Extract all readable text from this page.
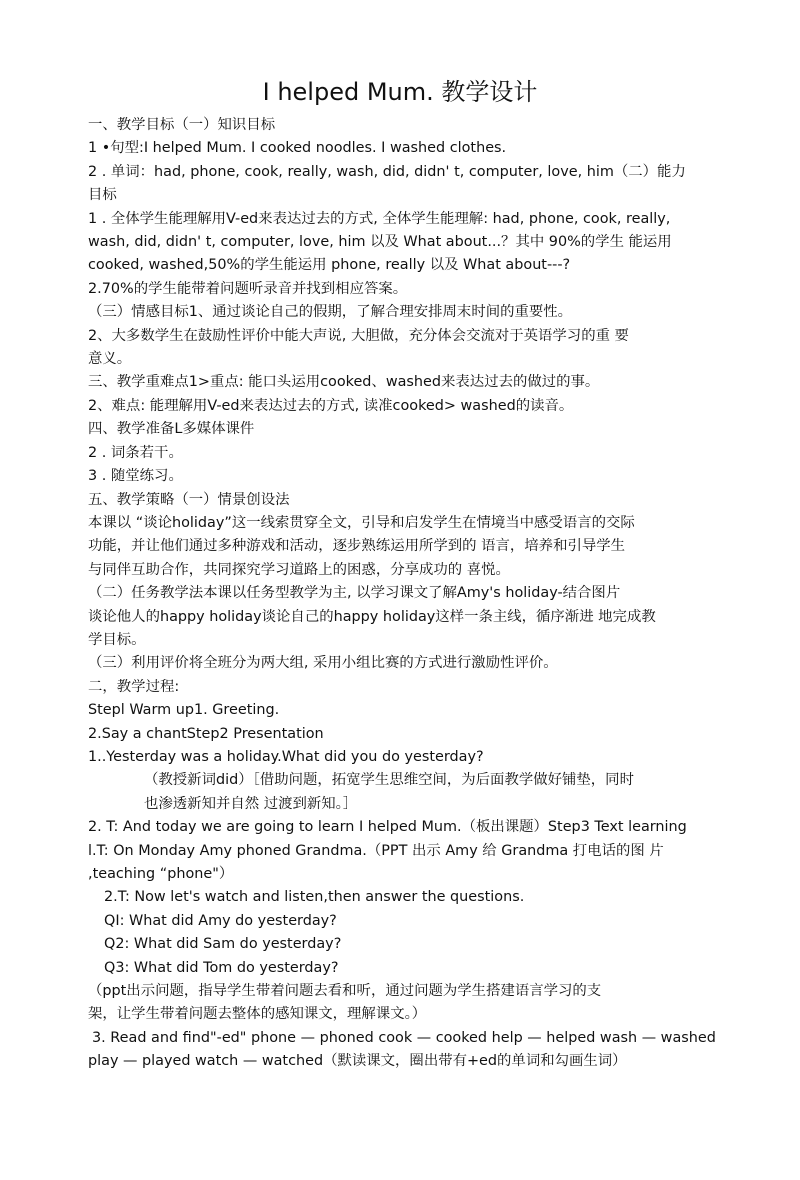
I helped Mum. 教学设计
一、教学目标（一）知识目标
1 •句型:I helped Mum. I cooked noodles. I washed clothes.
2 . 单词：had, phone, cook, really, wash, did, didn' t, computer, love, him（二）能力
目标
1 . 全体学生能理解用V-ed来表达过去的方式, 全体学生能理解: had, phone, cook, really,
wash, did, didn' t, computer, love, him 以及 What about...？其中 90%的学生 能运用
cooked, washed,50%的学生能运用 phone, really 以及 What about---?
2.70%的学生能带着问题听录音并找到相应答案。
（三）情感目标1、通过谈论自己的假期，了解合理安排周末时间的重要性。
2、大多数学生在鼓励性评价中能大声说, 大胆做，充分体会交流对于英语学习的重 要
意义。
三、教学重难点1>重点: 能口头运用cooked、washed来表达过去的做过的事。
2、难点: 能理解用V-ed来表达过去的方式, 读准cooked> washed的读音。
四、教学准备L多媒体课件
2 . 词条若干。
3 . 随堂练习。
五、教学策略（一）情景创设法
本课以 “谈论holiday”这一线索贯穿全文，引导和启发学生在情境当中感受语言的交际
功能，并让他们通过多种游戏和活动，逐步熟练运用所学到的 语言，培养和引导学生
与同伴互助合作，共同探究学习道路上的困惑，分享成功的 喜悦。
（二）任务教学法本课以任务型教学为主, 以学习课文了解Amy's holiday-结合图片
谈论他人的happy holiday谈论自己的happy holiday这样一条主线，循序渐进 地完成教
学目标。
（三）利用评价将全班分为两大组, 采用小组比赛的方式进行激励性评价。
二，教学过程:
Stepl Warm up1. Greeting.
2.Say a chantStep2 Presentation
1..Yesterday was a holiday.What did you do yesterday?
（教授新词did）［借助问题，拓宽学生思维空间，为后面教学做好铺垫，同时
也渗透新知并自然 过渡到新知。］
2. T: And today we are going to learn I helped Mum.（板出课题）Step3 Text learning
l.T: On Monday Amy phoned Grandma.（PPT 出示 Amy 给 Grandma 打电话的图 片
,teaching “phone"）
2.T: Now let's watch and listen,then answer the questions.
QI: What did Amy do yesterday?
Q2: What did Sam do yesterday?
Q3: What did Tom do yesterday?
（ppt出示问题，指导学生带着问题去看和听，通过问题为学生搭建语言学习的支
架，让学生带着问题去整体的感知课文，理解课文。）
3. Read and find"-ed" phone — phoned cook — cooked help — helped wash — washed
play — played watch — watched（默读课文，圈出带有+ed的单词和勾画生词）
